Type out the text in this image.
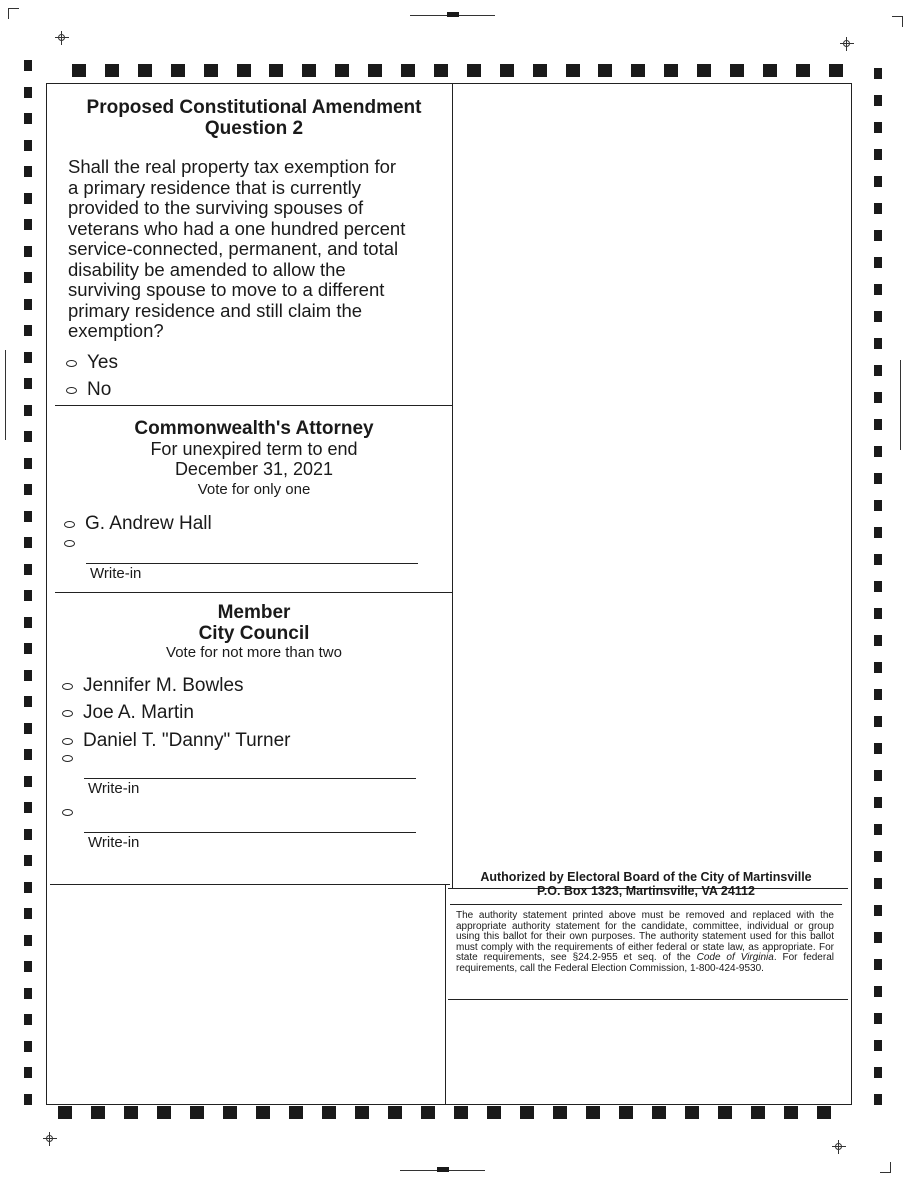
Proposed Constitutional Amendment
Question 2
Shall the real property tax exemption for
a primary residence that is currently
provided to the surviving spouses of
veterans who had a one hundred percent
service-connected, permanent, and total
disability be amended to allow the
surviving spouse to move to a different
primary residence and still claim the
exemption?
Yes
No
Commonwealth's Attorney
For unexpired term to end
December 31, 2021
Vote for only one
G. Andrew Hall
Write-in
Member
City Council
Vote for not more than two
Jennifer M. Bowles
Joe A. Martin
Daniel T. "Danny" Turner
Write-in
Write-in
Authorized by Electoral Board of the City of Martinsville
P.O. Box 1323, Martinsville, VA 24112
The authority statement printed above must be removed and replaced with the appropriate authority statement for the candidate, committee, individual or group using this ballot for their own purposes. The authority statement used for this ballot must comply with the requirements of either federal or state law, as appropriate. For state requirements, see §24.2-955 et seq. of the Code of Virginia. For federal requirements, call the Federal Election Commission, 1-800-424-9530.
